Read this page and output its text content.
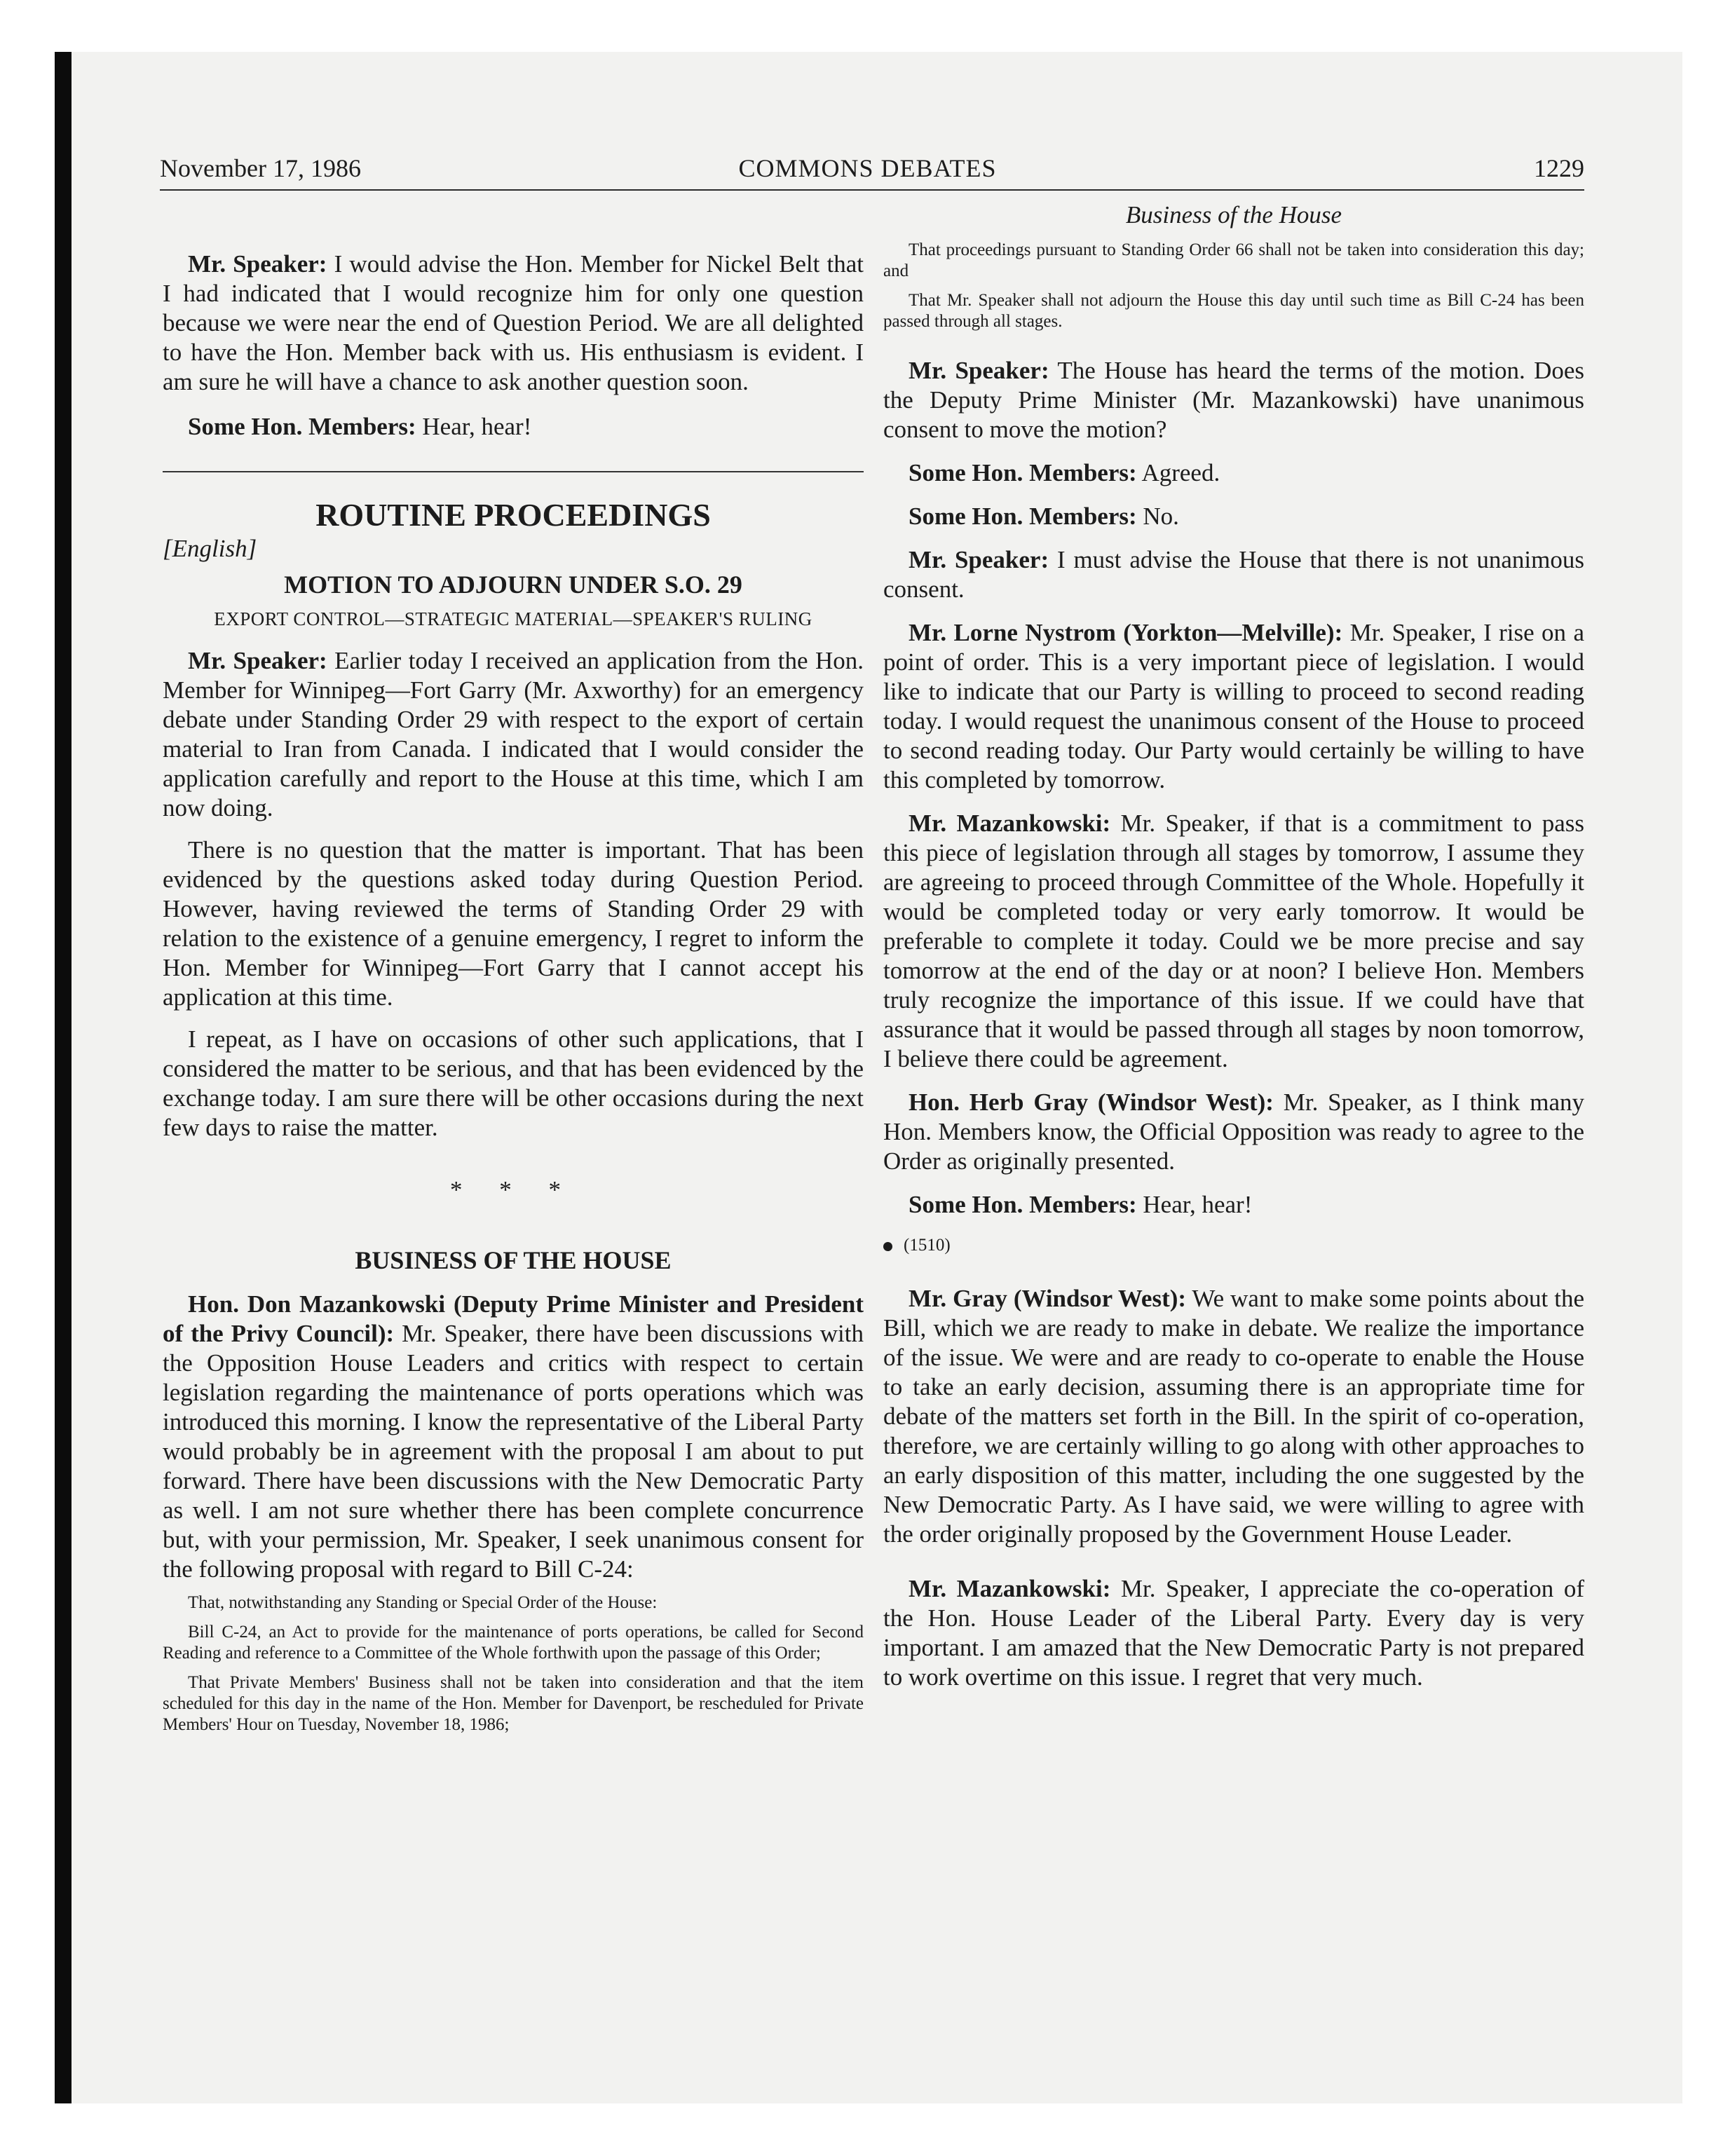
November 17, 1986	COMMONS DEBATES	1229

Mr. Speaker: I would advise the Hon. Member for Nickel Belt that I had indicated that I would recognize him for only one question because we were near the end of Question Period. We are all delighted to have the Hon. Member back with us. His enthusiasm is evident. I am sure he will have a chance to ask another question soon.

Some Hon. Members: Hear, hear!

ROUTINE PROCEEDINGS
[English]
MOTION TO ADJOURN UNDER S.O. 29
EXPORT CONTROL—STRATEGIC MATERIAL—SPEAKER'S RULING

Mr. Speaker: Earlier today I received an application from the Hon. Member for Winnipeg—Fort Garry (Mr. Axworthy) for an emergency debate under Standing Order 29 with respect to the export of certain material to Iran from Canada. I indicated that I would consider the application carefully and report to the House at this time, which I am now doing.

There is no question that the matter is important. That has been evidenced by the questions asked today during Question Period. However, having reviewed the terms of Standing Order 29 with relation to the existence of a genuine emergency, I regret to inform the Hon. Member for Winnipeg—Fort Garry that I cannot accept his application at this time.

I repeat, as I have on occasions of other such applications, that I considered the matter to be serious, and that has been evidenced by the exchange today. I am sure there will be other occasions during the next few days to raise the matter.

* * *
BUSINESS OF THE HOUSE

Hon. Don Mazankowski (Deputy Prime Minister and President of the Privy Council): Mr. Speaker, there have been discussions with the Opposition House Leaders and critics with respect to certain legislation regarding the maintenance of ports operations which was introduced this morning. I know the representative of the Liberal Party would probably be in agreement with the proposal I am about to put forward. There have been discussions with the New Democratic Party as well. I am not sure whether there has been complete concurrence but, with your permission, Mr. Speaker, I seek unanimous consent for the following proposal with regard to Bill C-24:

That, notwithstanding any Standing or Special Order of the House:

Bill C-24, an Act to provide for the maintenance of ports operations, be called for Second Reading and reference to a Committee of the Whole forthwith upon the passage of this Order;

That Private Members' Business shall not be taken into consideration and that the item scheduled for this day in the name of the Hon. Member for Davenport, be rescheduled for Private Members' Hour on Tuesday, November 18, 1986;

Business of the House

That proceedings pursuant to Standing Order 66 shall not be taken into consideration this day; and

That Mr. Speaker shall not adjourn the House this day until such time as Bill C-24 has been passed through all stages.

Mr. Speaker: The House has heard the terms of the motion. Does the Deputy Prime Minister (Mr. Mazankowski) have unanimous consent to move the motion?

Some Hon. Members: Agreed.

Some Hon. Members: No.

Mr. Speaker: I must advise the House that there is not unanimous consent.

Mr. Lorne Nystrom (Yorkton—Melville): Mr. Speaker, I rise on a point of order. This is a very important piece of legislation. I would like to indicate that our Party is willing to proceed to second reading today. I would request the unanimous consent of the House to proceed to second reading today. Our Party would certainly be willing to have this completed by tomorrow.

Mr. Mazankowski: Mr. Speaker, if that is a commitment to pass this piece of legislation through all stages by tomorrow, I assume they are agreeing to proceed through Committee of the Whole. Hopefully it would be completed today or very early tomorrow. It would be preferable to complete it today. Could we be more precise and say tomorrow at the end of the day or at noon? I believe Hon. Members truly recognize the importance of this issue. If we could have that assurance that it would be passed through all stages by noon tomorrow, I believe there could be agreement.

Hon. Herb Gray (Windsor West): Mr. Speaker, as I think many Hon. Members know, the Official Opposition was ready to agree to the Order as originally presented.

Some Hon. Members: Hear, hear!

(1510)

Mr. Gray (Windsor West): We want to make some points about the Bill, which we are ready to make in debate. We realize the importance of the issue. We were and are ready to co-operate to enable the House to take an early decision, assuming there is an appropriate time for debate of the matters set forth in the Bill. In the spirit of co-operation, therefore, we are certainly willing to go along with other approaches to an early disposition of this matter, including the one suggested by the New Democratic Party. As I have said, we were willing to agree with the order originally proposed by the Government House Leader.

Mr. Mazankowski: Mr. Speaker, I appreciate the co-operation of the Hon. House Leader of the Liberal Party. Every day is very important. I am amazed that the New Democratic Party is not prepared to work overtime on this issue. I regret that very much.
